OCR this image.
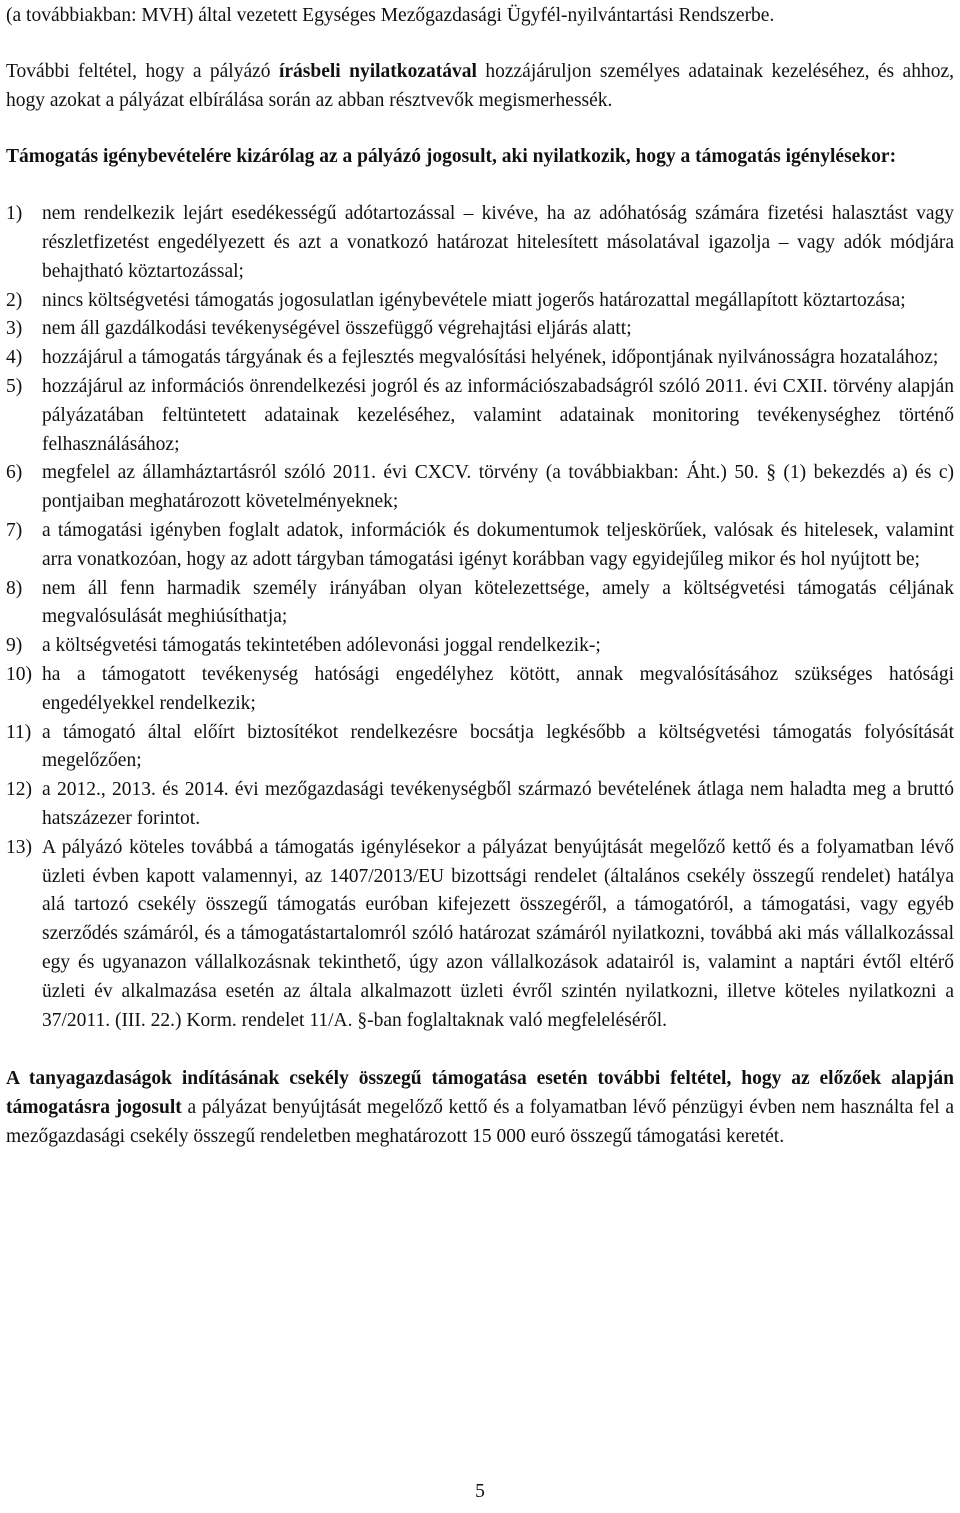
(a továbbiakban: MVH) által vezetett Egységes Mezőgazdasági Ügyfél-nyilvántartási Rendszerbe.

További feltétel, hogy a pályázó írásbeli nyilatkozatával hozzájáruljon személyes adatainak kezeléséhez, és ahhoz, hogy azokat a pályázat elbírálása során az abban résztvevők megismerhessék.

Támogatás igénybevételére kizárólag az a pályázó jogosult, aki nyilatkozik, hogy a támogatás igénylésekor:

1) nem rendelkezik lejárt esedékességű adótartozással – kivéve, ha az adóhatóság számára fizetési halasztást vagy részletfizetést engedélyezett és azt a vonatkozó határozat hitelesített másolatával igazolja – vagy adók módjára behajtható köztartozással;
2) nincs költségvetési támogatás jogosulatlan igénybevétele miatt jogerős határozattal megállapított köztartozása;
3) nem áll gazdálkodási tevékenységével összefüggő végrehajtási eljárás alatt;
4) hozzájárul a támogatás tárgyának és a fejlesztés megvalósítási helyének, időpontjának nyilvánosságra hozatalához;
5) hozzájárul az információs önrendelkezési jogról és az információszabadságról szóló 2011. évi CXII. törvény alapján pályázatában feltüntetett adatainak kezeléséhez, valamint adatainak monitoring tevékenységhez történő felhasználásához;
6) megfelel az államháztartásról szóló 2011. évi CXCV. törvény (a továbbiakban: Áht.) 50. § (1) bekezdés a) és c) pontjaiban meghatározott követelményeknek;
7) a támogatási igényben foglalt adatok, információk és dokumentumok teljeskörűek, valósak és hitelesek, valamint arra vonatkozóan, hogy az adott tárgyban támogatási igényt korábban vagy egyidejűleg mikor és hol nyújtott be;
8) nem áll fenn harmadik személy irányában olyan kötelezettsége, amely a költségvetési támogatás céljának megvalósulását meghiúsíthatja;
9) a költségvetési támogatás tekintetében adólevonási joggal rendelkezik-;
10) ha a támogatott tevékenység hatósági engedélyhez kötött, annak megvalósításához szükséges hatósági engedélyekkel rendelkezik;
11) a támogató által előírt biztosítékot rendelkezésre bocsátja legkésőbb a költségvetési támogatás folyósítását megelőzően;
12) a 2012., 2013. és 2014. évi mezőgazdasági tevékenységből származó bevételének átlaga nem haladta meg a bruttó hatszázezer forintot.
13) A pályázó köteles továbbá a támogatás igénylésekor a pályázat benyújtását megelőző kettő és a folyamatban lévő üzleti évben kapott valamennyi, az 1407/2013/EU bizottsági rendelet (általános csekély összegű rendelet) hatálya alá tartozó csekély összegű támogatás euróban kifejezett összegéről, a támogatóról, a támogatási, vagy egyéb szerződés számáról, és a támogatástartalomról szóló határozat számáról nyilatkozni, továbbá aki más vállalkozással egy és ugyanazon vállalkozásnak tekinthető, úgy azon vállalkozások adatairól is, valamint a naptári évtől eltérő üzleti év alkalmazása esetén az általa alkalmazott üzleti évről szintén nyilatkozni, illetve köteles nyilatkozni a 37/2011. (III. 22.) Korm. rendelet 11/A. §-ban foglaltaknak való megfeleléséről.

A tanyagazdaságok indításának csekély összegű támogatása esetén további feltétel, hogy az előzőek alapján támogatásra jogosult a pályázat benyújtását megelőző kettő és a folyamatban lévő pénzügyi évben nem használta fel a mezőgazdasági csekély összegű rendeletben meghatározott 15 000 euró összegű támogatási keretét.

5
